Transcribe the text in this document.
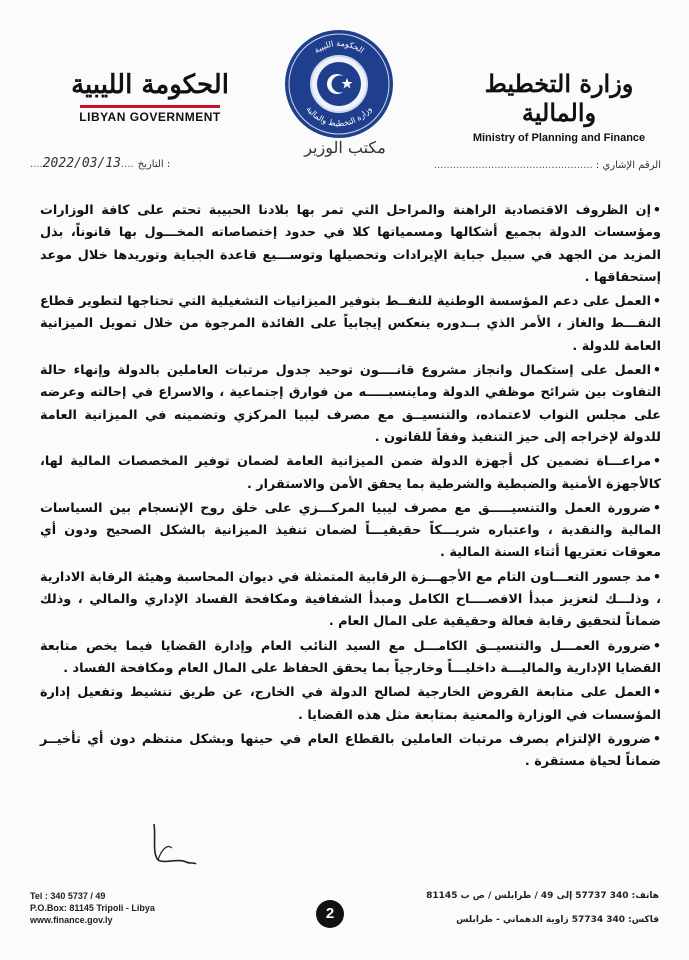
الحكومة الليبية
LIBYAN GOVERNMENT
الحكومة الليبية
وزارة التخطيط والمالية
مكتب الوزير
وزارة التخطيط والمالية
Ministry of Planning and Finance
الرقم الإشاري : ..................................................
....2022/03/13.... التاريخ :

•إن الظروف الاقتصادية الراهنة والمراحل التي تمر بها بلادنا الحبيبة تحتم على كافة الوزارات ومؤسسات الدولة بجميع أشكالها ومسمياتها كلا في حدود إختصاصاته المخـــول بها قانوناً، بذل المزيد من الجهد في سبيل جباية الإيرادات وتحصيلها وتوســـيع قاعدة الجباية وتوريدها خلال موعد إستحقاقها .

•العمل على دعم المؤسسة الوطنية للنفــط بتوفير الميزانيات التشغيلية التي تحتاجها لتطوير قطاع النفـــط والغاز ، الأمر الذي بــدوره ينعكس إيجابياً على الفائدة المرجوة من خلال تمويل الميزانية العامة للدولة .

•العمل على إستكمال وانجاز مشروع قانــــون توحيد جدول مرتبات العاملين بالدولة وإنهاء حالة التفاوت بين شرائح موظفي الدولة وماينسبـــــه من فوارق إجتماعية ، والاسراع في إحالته وعرضه على مجلس النواب لاعتماده، والتنسيــق مع مصرف ليبيا المركزي وتضمينه في الميزانية العامة للدولة لإخراجه إلى حيز التنفيذ وفقاً للقانون .

•مراعـــاة تضمين كل أجهزة الدولة ضمن الميزانية العامة لضمان توفير المخصصات المالية لها، كالأجهزة الأمنية والضبطية والشرطية بما يحقق الأمن والاستقرار .

•ضرورة العمل والتنسيـــــق مع مصرف ليبيا المركـــزي على خلق روح الإنسجام بين السياسات المالية والنقدية ، واعتباره شريـــكاً حقيقيـــاً لضمان تنفيذ الميزانية بالشكل الصحيح ودون أي معوقات تعتريها أثناء السنة المالية .

•مد جسور التعـــاون التام مع الأجهـــزة الرقابية المتمثلة في ديوان المحاسبة وهيئة الرقابة الادارية ، وذلـــك لتعزيز مبدأ الافصــــاح الكامل ومبدأ الشفافية ومكافحة الفساد الإداري والمالي ، وذلك ضماناً لتحقيق رقابة فعالة وحقيقية على المال العام .

•ضرورة العمـــل والتنسيــق الكامـــل مع السيد النائب العام وإدارة القضايا فيما يخص متابعة القضايا الإدارية والماليـــة داخليـــاً وخارجياً بما يحقق الحفاظ على المال العام ومكافحة الفساد .

•العمل على متابعة القروض الخارجية لصالح الدولة في الخارج، عن طريق تنشيط وتفعيل إدارة المؤسسات في الوزارة والمعنية بمتابعة مثل هذه القضايا .

•ضرورة الإلتزام بصرف مرتبات العاملين بالقطاع العام في حينها وبشكل منتظم دون أي تأخيــر ضماناً لحياة مستقرة .

Tel : 340 5737 / 49
P.O.Box: 81145 Tripoli - Libya
www.finance.gov.ly
هاتف: 340 57737 إلى 49 / طرابلس / ص ب 81145
فاكس: 340 57734 زاوية الدهماني - طرابلس
2
